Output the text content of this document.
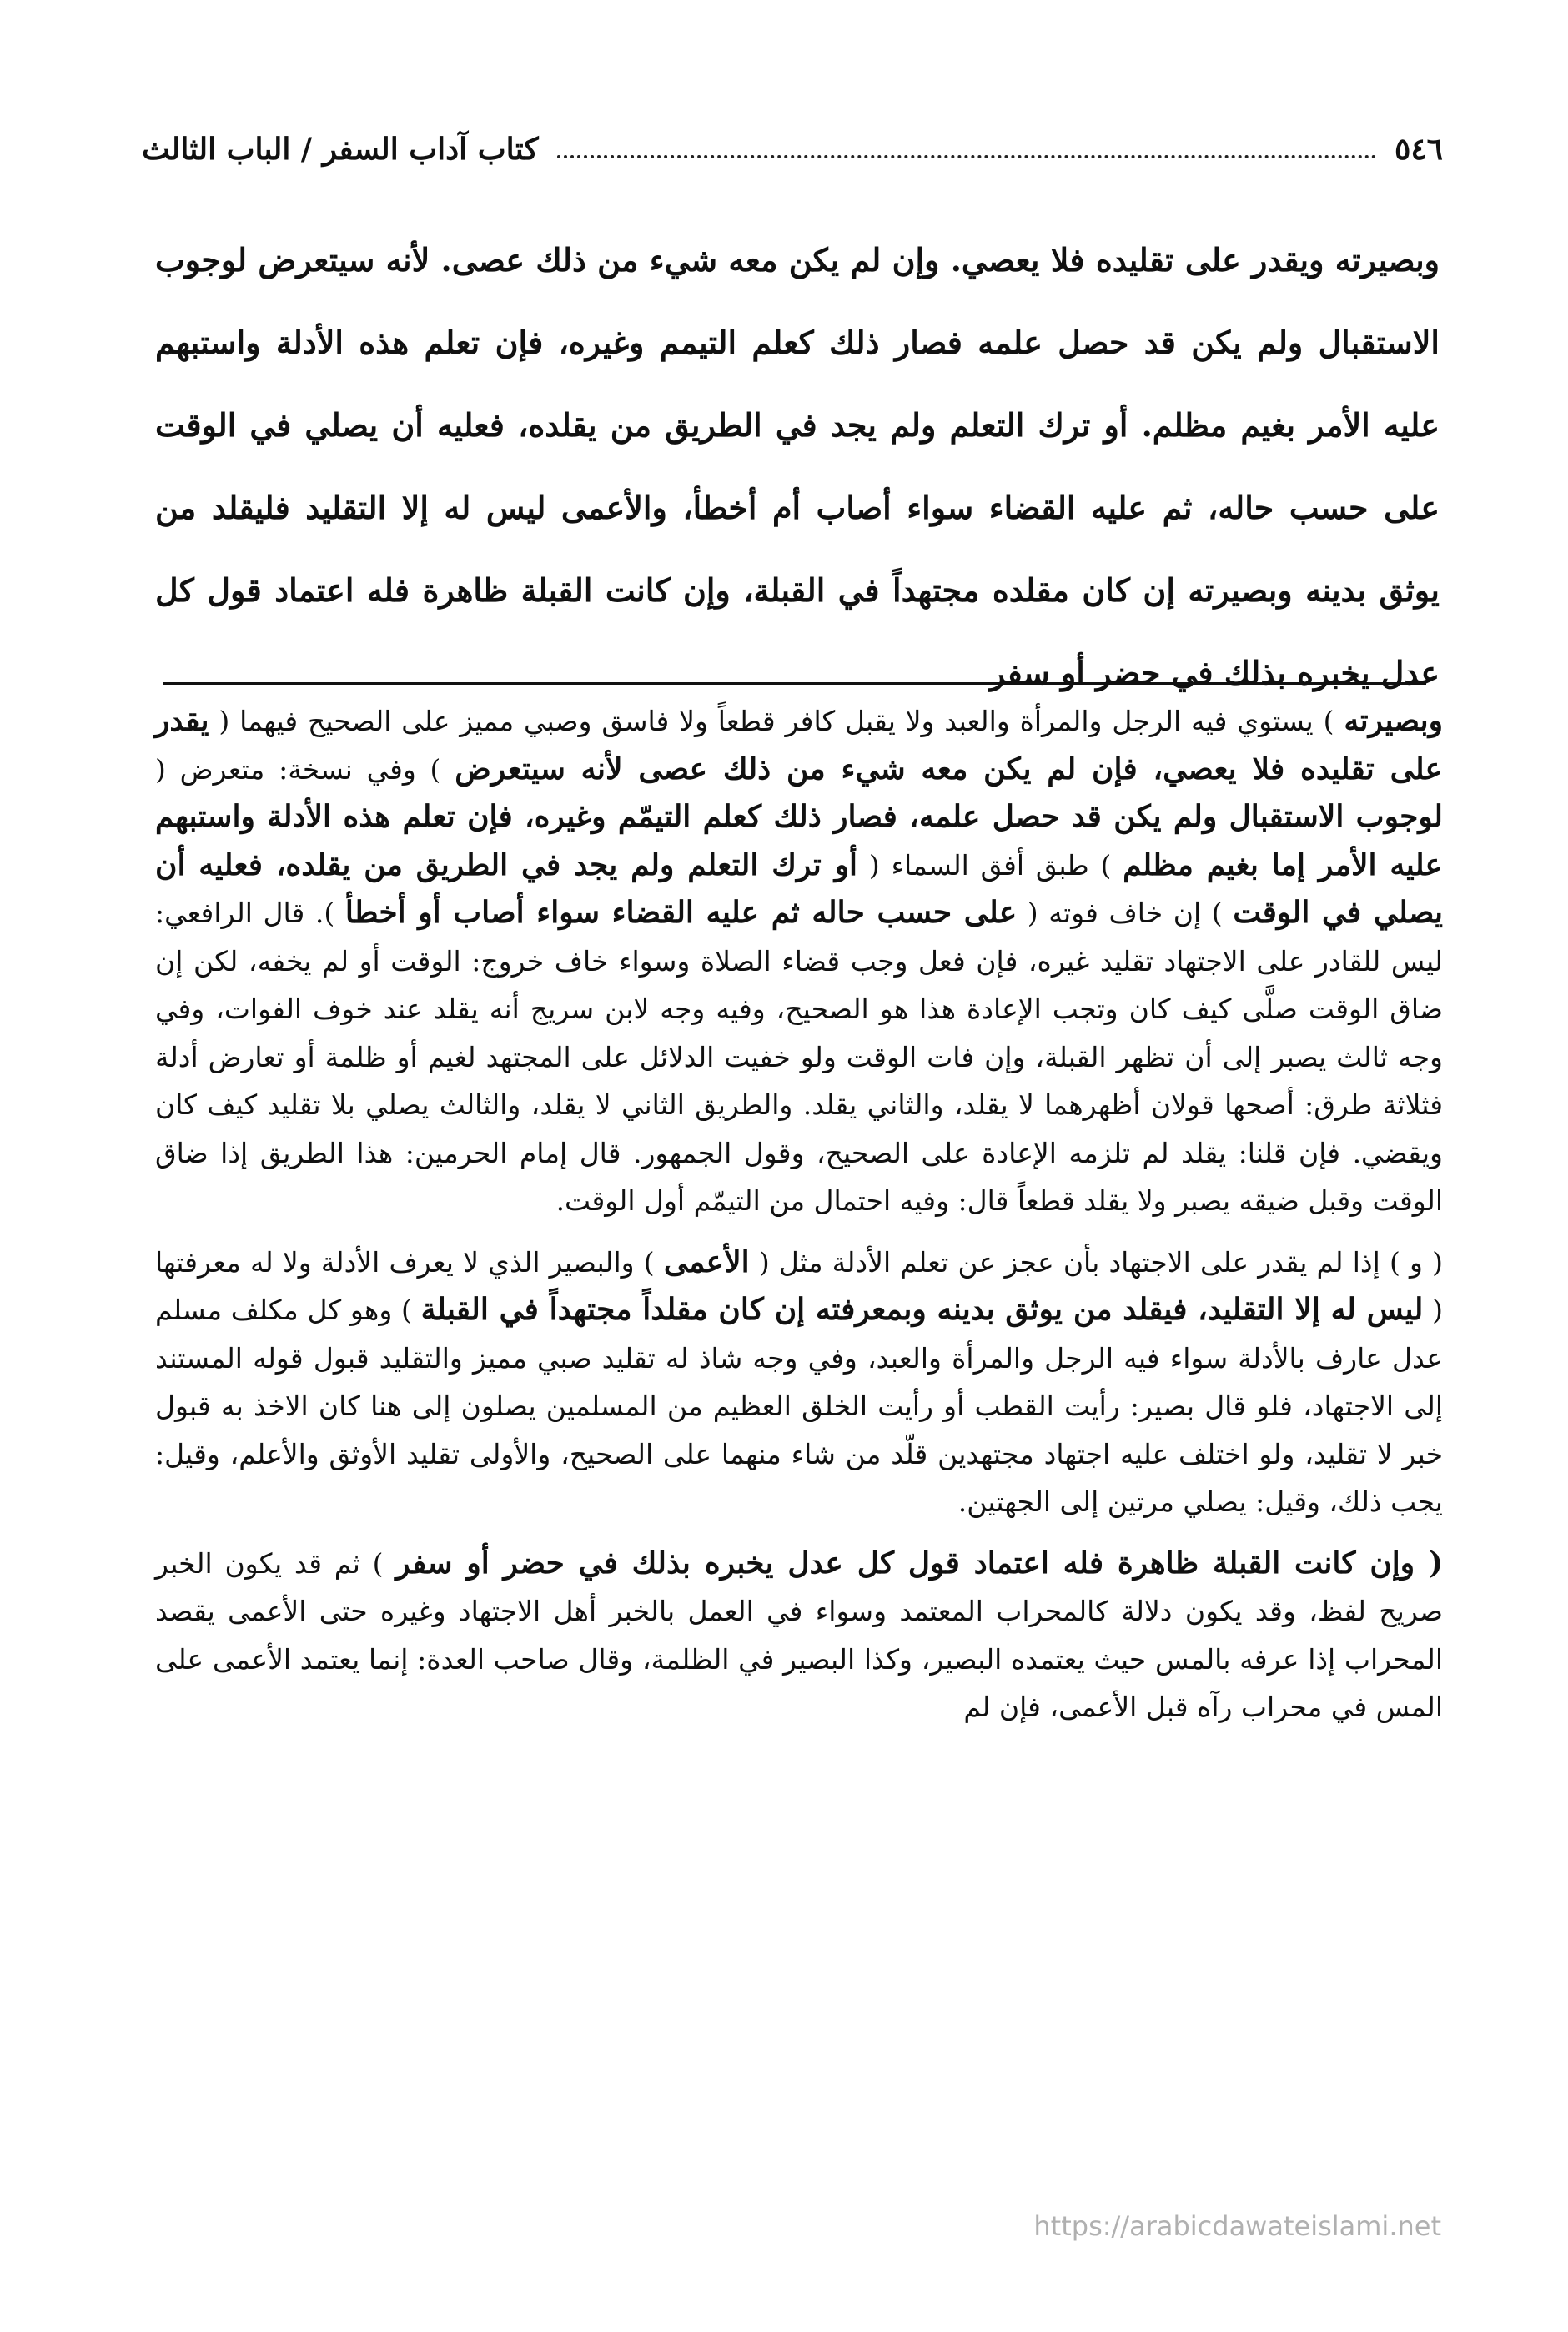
٥٤٦
كتاب آداب السفر / الباب الثالث

وبصيرته ويقدر على تقليده فلا يعصي. وإن لم يكن معه شيء من ذلك عصى. لأنه سيتعرض لوجوب الاستقبال ولم يكن قد حصل علمه فصار ذلك كعلم التيمم وغيره، فإن تعلم هذه الأدلة واستبهم عليه الأمر بغيم مظلم. أو ترك التعلم ولم يجد في الطريق من يقلده، فعليه أن يصلي في الوقت على حسب حاله، ثم عليه القضاء سواء أصاب أم أخطأ، والأعمى ليس له إلا التقليد فليقلد من يوثق بدينه وبصيرته إن كان مقلده مجتهداً في القبلة، وإن كانت القبلة ظاهرة فله اعتماد قول كل عدل يخبره بذلك في حضر أو سفر

وبصيرته ) يستوي فيه الرجل والمرأة والعبد ولا يقبل كافر قطعاً ولا فاسق وصبي مميز على الصحيح فيهما ( يقدر على تقليده فلا يعصي، فإن لم يكن معه شيء من ذلك عصى لأنه سيتعرض ) وفي نسخة: متعرض ( لوجوب الاستقبال ولم يكن قد حصل علمه، فصار ذلك كعلم التيمّم وغيره، فإن تعلم هذه الأدلة واستبهم عليه الأمر إما بغيم مظلم ) طبق أفق السماء ( أو ترك التعلم ولم يجد في الطريق من يقلده، فعليه أن يصلي في الوقت ) إن خاف فوته ( على حسب حاله ثم عليه القضاء سواء أصاب أو أخطأ ). قال الرافعي: ليس للقادر على الاجتهاد تقليد غيره، فإن فعل وجب قضاء الصلاة وسواء خاف خروج: الوقت أو لم يخفه، لكن إن ضاق الوقت صلَّى كيف كان وتجب الإعادة هذا هو الصحيح، وفيه وجه لابن سريج أنه يقلد عند خوف الفوات، وفي وجه ثالث يصبر إلى أن تظهر القبلة، وإن فات الوقت ولو خفيت الدلائل على المجتهد لغيم أو ظلمة أو تعارض أدلة فثلاثة طرق: أصحها قولان أظهرهما لا يقلد، والثاني يقلد. والطريق الثاني لا يقلد، والثالث يصلي بلا تقليد كيف كان ويقضي. فإن قلنا: يقلد لم تلزمه الإعادة على الصحيح، وقول الجمهور. قال إمام الحرمين: هذا الطريق إذا ضاق الوقت وقبل ضيقه يصبر ولا يقلد قطعاً قال: وفيه احتمال من التيمّم أول الوقت.

( و ) إذا لم يقدر على الاجتهاد بأن عجز عن تعلم الأدلة مثل ( الأعمى ) والبصير الذي لا يعرف الأدلة ولا له معرفتها ( ليس له إلا التقليد، فيقلد من يوثق بدينه وبمعرفته إن كان مقلداً مجتهداً في القبلة ) وهو كل مكلف مسلم عدل عارف بالأدلة سواء فيه الرجل والمرأة والعبد، وفي وجه شاذ له تقليد صبي مميز والتقليد قبول قوله المستند إلى الاجتهاد، فلو قال بصير: رأيت القطب أو رأيت الخلق العظيم من المسلمين يصلون إلى هنا كان الاخذ به قبول خبر لا تقليد، ولو اختلف عليه اجتهاد مجتهدين قلّد من شاء منهما على الصحيح، والأولى تقليد الأوثق والأعلم، وقيل: يجب ذلك، وقيل: يصلي مرتين إلى الجهتين.

( وإن كانت القبلة ظاهرة فله اعتماد قول كل عدل يخبره بذلك في حضر أو سفر ) ثم قد يكون الخبر صريح لفظ، وقد يكون دلالة كالمحراب المعتمد وسواء في العمل بالخبر أهل الاجتهاد وغيره حتى الأعمى يقصد المحراب إذا عرفه بالمس حيث يعتمده البصير، وكذا البصير في الظلمة، وقال صاحب العدة: إنما يعتمد الأعمى على المس في محراب رآه قبل الأعمى، فإن لم

https://arabicdawateislami.net
